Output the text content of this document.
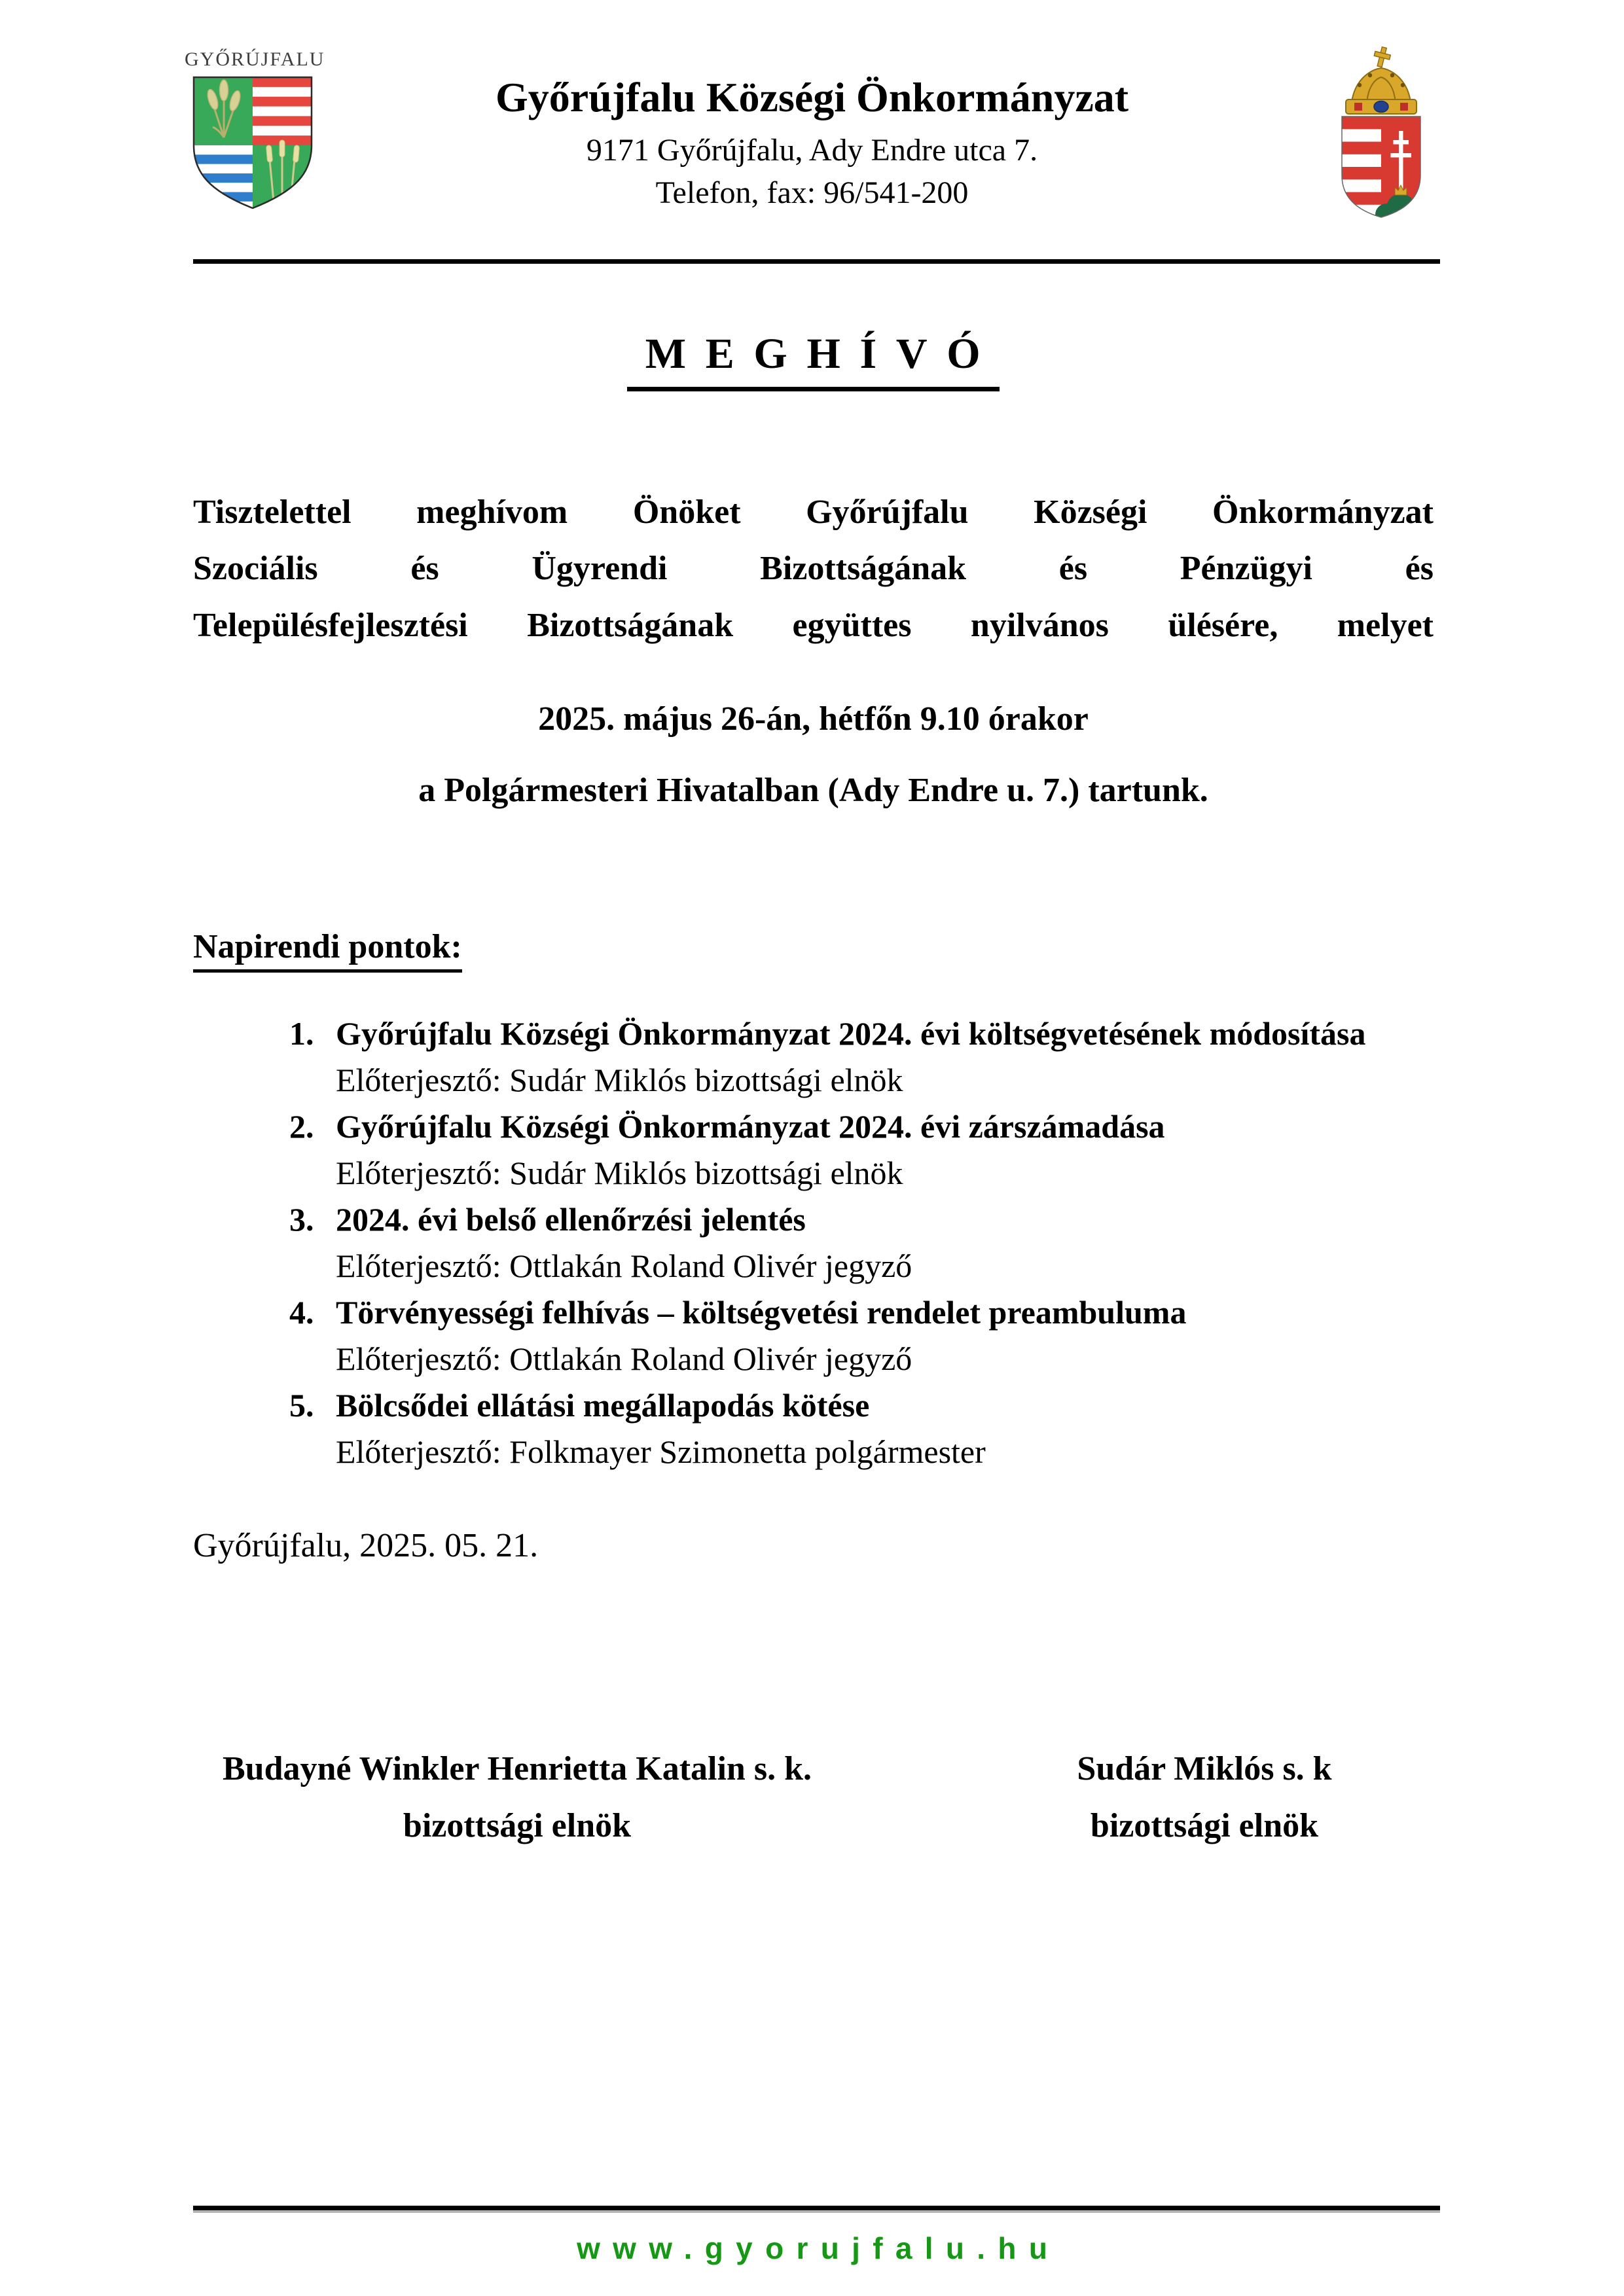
GYŐRÚJFALU
Győrújfalu Községi Önkormányzat
9171 Győrújfalu, Ady Endre utca 7.
Telefon, fax: 96/541-200
MEGHÍVÓ
Tisztelettel meghívom Önöket Győrújfalu Községi Önkormányzat
Szociális és Ügyrendi Bizottságának és Pénzügyi és
Településfejlesztési Bizottságának együttes nyilvános ülésére, melyet
2025. május 26-án, hétfőn 9.10 órakor
a Polgármesteri Hivatalban (Ady Endre u. 7.) tartunk.
Napirendi pontok:
1. Győrújfalu Községi Önkormányzat 2024. évi költségvetésének módosítása
Előterjesztő: Sudár Miklós bizottsági elnök
2. Győrújfalu Községi Önkormányzat 2024. évi zárszámadása
Előterjesztő: Sudár Miklós bizottsági elnök
3. 2024. évi belső ellenőrzési jelentés
Előterjesztő: Ottlakán Roland Olivér jegyző
4. Törvényességi felhívás – költségvetési rendelet preambuluma
Előterjesztő: Ottlakán Roland Olivér jegyző
5. Bölcsődei ellátási megállapodás kötése
Előterjesztő: Folkmayer Szimonetta polgármester
Győrújfalu, 2025. 05. 21.
Budayné Winkler Henrietta Katalin s. k.
bizottsági elnök
Sudár Miklós s. k
bizottsági elnök
www.gyorujfalu.hu
